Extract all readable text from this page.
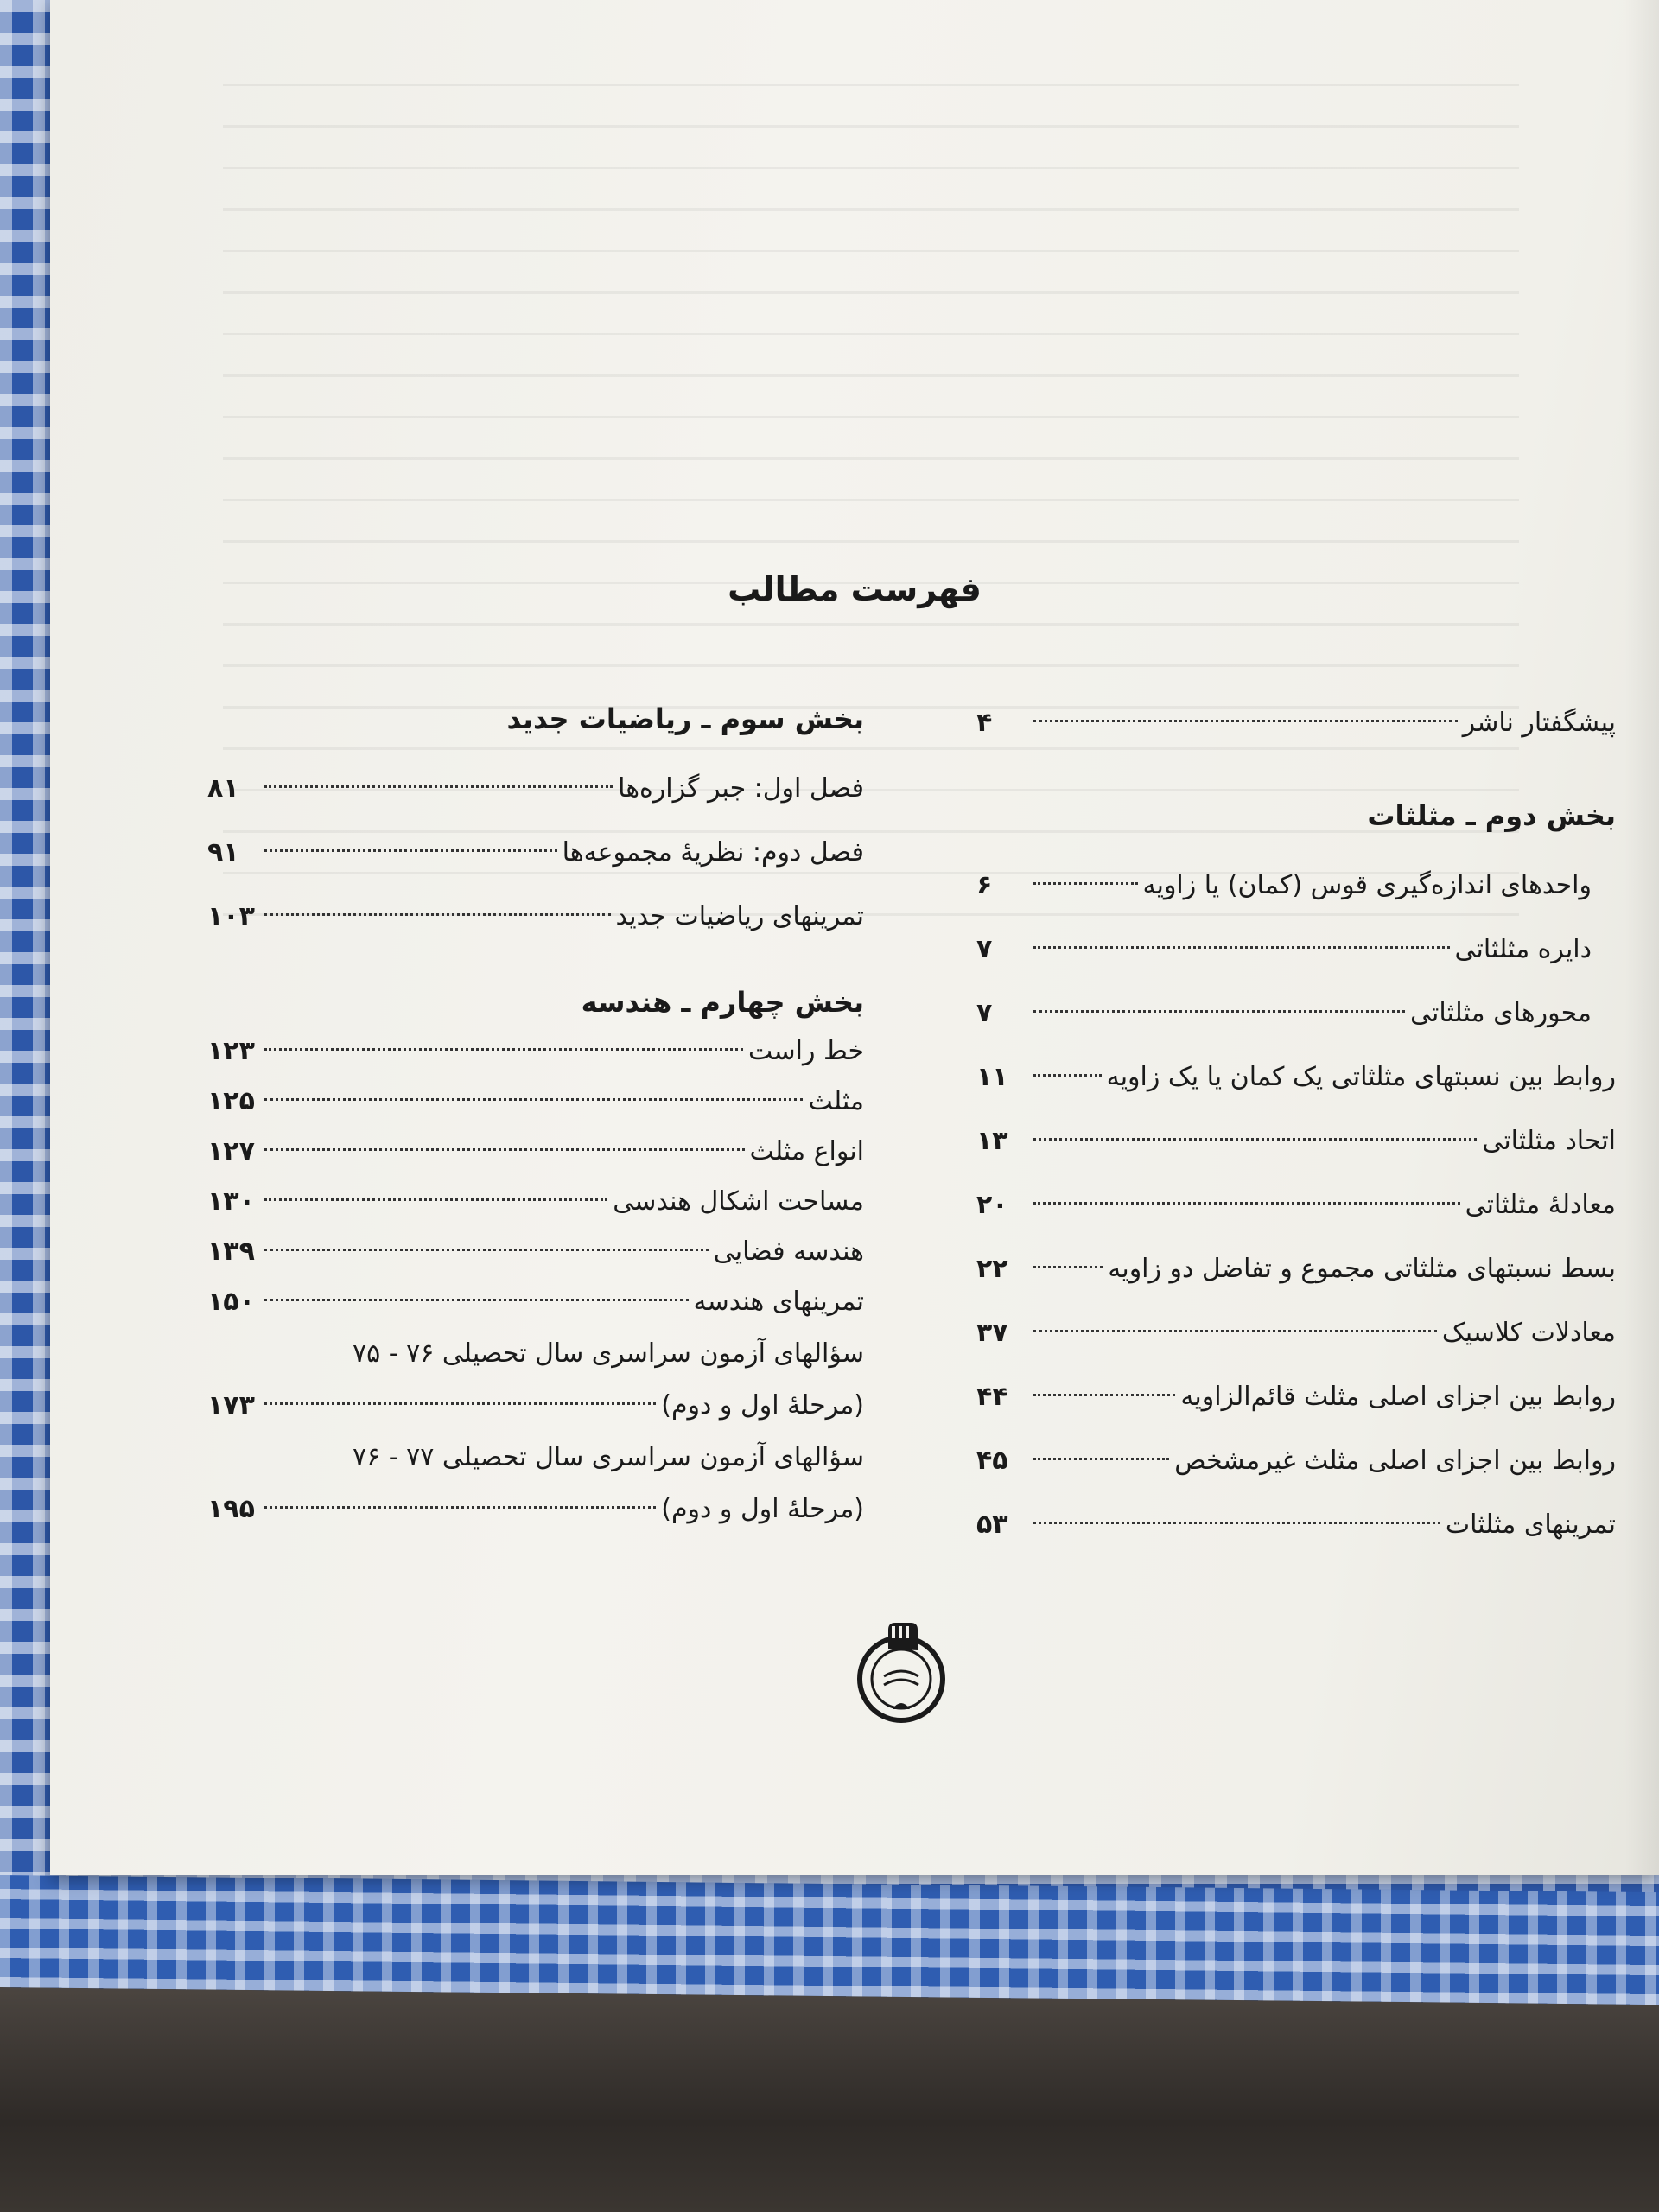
فهرست مطالب
پیشگفتار ناشر
۴
بخش دوم ـ مثلثات
واحدهای اندازه‌گیری قوس (کمان) یا زاویه
۶
دایره مثلثاتی
۷
محورهای مثلثاتی
۷
روابط بین نسبتهای مثلثاتی یک کمان یا یک زاویه
۱۱
اتحاد مثلثاتی
۱۳
معادلۀ مثلثاتی
۲۰
بسط نسبتهای مثلثاتی مجموع و تفاضل دو زاویه
۲۲
معادلات کلاسیک
۳۷
روابط بین اجزای اصلی مثلث قائم‌الزاویه
۴۴
روابط بین اجزای اصلی مثلث غیرمشخص
۴۵
تمرینهای مثلثات
۵۳
بخش سوم ـ ریاضیات جدید
فصل اول: جبر گزاره‌ها
۸۱
فصل دوم: نظریۀ مجموعه‌ها
۹۱
تمرینهای ریاضیات جدید
۱۰۳
بخش چهارم ـ هندسه
خط راست
۱۲۳
مثلث
۱۲۵
انواع مثلث
۱۲۷
مساحت اشکال هندسی
۱۳۰
هندسه فضایی
۱۳۹
تمرینهای هندسه
۱۵۰
سؤالهای آزمون سراسری سال تحصیلی ۷۶ - ۷۵
(مرحلۀ اول و دوم)
۱۷۳
سؤالهای آزمون سراسری سال تحصیلی ۷۷ - ۷۶
(مرحلۀ اول و دوم)
۱۹۵
